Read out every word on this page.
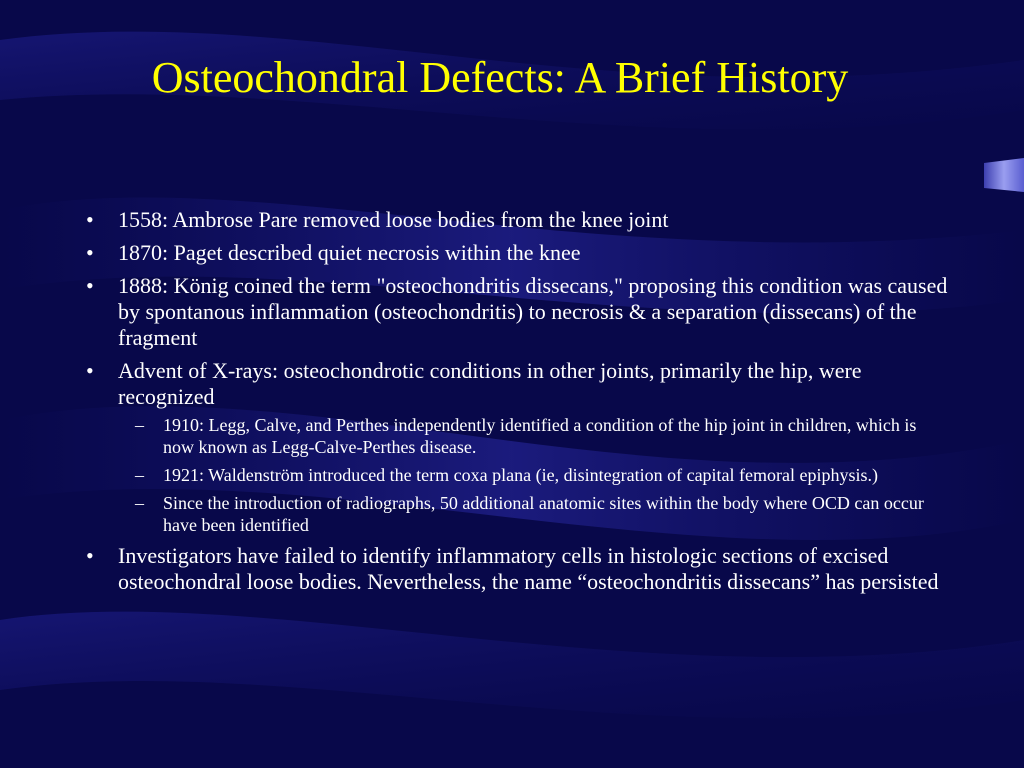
Osteochondral Defects: A Brief History
• 1558: Ambrose Pare removed loose bodies from the knee joint
• 1870: Paget described quiet necrosis within the knee
• 1888: König coined the term "osteochondritis dissecans," proposing this condition was caused by spontanous inflammation (osteochondritis) to necrosis & a separation (dissecans) of the fragment
• Advent of X-rays: osteochondrotic conditions in other joints, primarily the hip, were recognized
– 1910: Legg, Calve, and Perthes independently identified a condition of the hip joint in children, which is now known as Legg-Calve-Perthes disease.
– 1921: Waldenström introduced the term coxa plana (ie, disintegration of capital femoral epiphysis.)
– Since the introduction of radiographs, 50 additional anatomic sites within the body where OCD can occur have been identified
• Investigators have failed to identify inflammatory cells in histologic sections of excised osteochondral loose bodies. Nevertheless, the name “osteochondritis dissecans” has persisted
